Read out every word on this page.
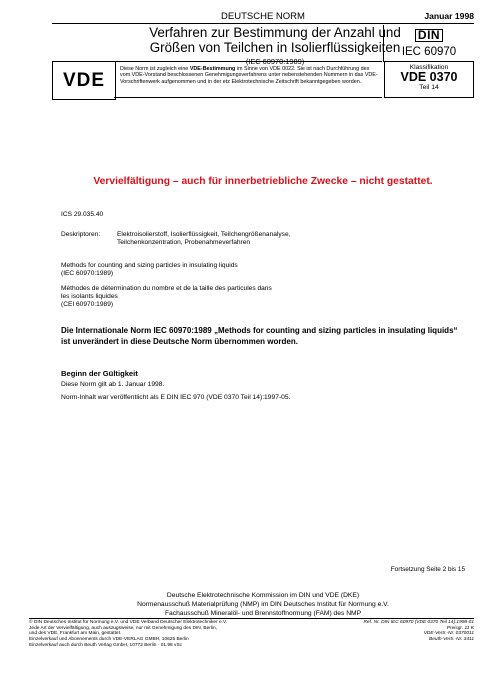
DEUTSCHE NORM	Januar 1998
Verfahren zur Bestimmung der Anzahl und
Größen von Teilchen in Isolierflüssigkeiten
(IEC 60970:1989)
DIN
IEC 60970
VDE
Diese Norm ist zugleich eine VDE-Bestimmung im Sinne von VDE 0022. Sie ist nach Durchführung des vom VDE-Vorstand beschlossenen Genehmigungsverfahrens unter nebenstehenden Nummern in das VDE-Vorschriftenwerk aufgenommen und in der etz Elektrotechnische Zeitschrift bekanntgegeben worden.
Klassifikation
VDE 0370
Teil 14
Vervielfältigung – auch für innerbetriebliche Zwecke – nicht gestattet.
ICS 29.035.40
Deskriptoren:	Elektroisolierstoff, Isolierflüssigkeit, Teilchengrößenanalyse,
Teilchenkonzentration, Probenahmeverfahren
Methods for counting and sizing particles in insulating liquids
(IEC 60970:1989)
Méthodes de détermination du nombre et de la taille des particules dans
les isolants liquides
(CEI 60970:1989)
Die Internationale Norm IEC 60970:1989 „Methods for counting and sizing particles in insulating liquids“ ist unverändert in diese Deutsche Norm übernommen worden.
Beginn der Gültigkeit
Diese Norm gilt ab 1. Januar 1998.
Norm-Inhalt war veröffentlicht als E DIN IEC 970 (VDE 0370 Teil 14):1997-05.
Fortsetzung Seite 2 bis 15
Deutsche Elektrotechnische Kommission im DIN und VDE (DKE)
Normenausschuß Materialprüfung (NMP) im DIN Deutsches Institut für Normung e.V.
Fachausschuß Mineralöl- und Brennstoffnormung (FAM) des NMP
© DIN Deutsches Institut für Normung e.V. und VDE Verband Deutscher Elektrotechniker e.V.
Jede Art der Vervielfältigung, auch auszugsweise, nur mit Genehmigung des DIN, Berlin,
und des VDE, Frankfurt am Main, gestattet.
Einzelverkauf und Abonnements durch VDE-VERLAG GMBH, 10625 Berlin
Einzelverkauf auch durch Beuth Verlag GmbH, 10772 Berlin · 01.98 vSc
Ref. Nr. DIN IEC 60970 (VDE 0370 Teil 14):1998-01
Preisgr. 11 K
VDE-Vertr.-Nr. 0370011
Beuth-Vertr.-Nr. 3411
